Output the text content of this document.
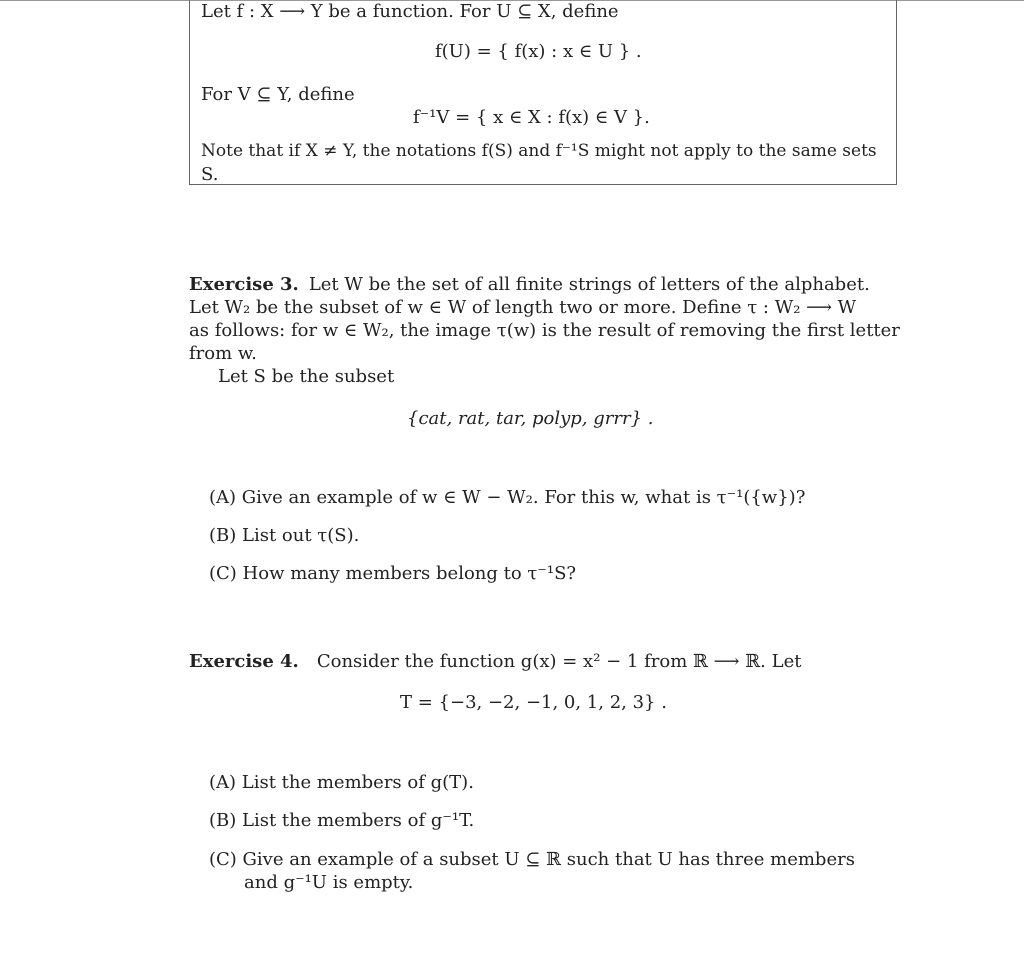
Let f : X ⟶ Y be a function. For U ⊆ X, define
f(U) = { f(x) : x ∈ U } .
For V ⊆ Y, define
f⁻¹V = { x ∈ X : f(x) ∈ V }.
Note that if X ≠ Y, the notations f(S) and f⁻¹S might not apply to the same sets
S.
Exercise 3. Let W be the set of all finite strings of letters of the alphabet.
Let W₂ be the subset of w ∈ W of length two or more. Define τ : W₂ ⟶ W
as follows: for w ∈ W₂, the image τ(w) is the result of removing the first letter
from w.
Let S be the subset
{cat, rat, tar, polyp, grrr} .
(A) Give an example of w ∈ W − W₂. For this w, what is τ⁻¹({w})?
(B) List out τ(S).
(C) How many members belong to τ⁻¹S?
Exercise 4. Consider the function g(x) = x² − 1 from ℝ ⟶ ℝ. Let
T = {−3, −2, −1, 0, 1, 2, 3} .
(A) List the members of g(T).
(B) List the members of g⁻¹T.
(C) Give an example of a subset U ⊆ ℝ such that U has three members
and g⁻¹U is empty.
